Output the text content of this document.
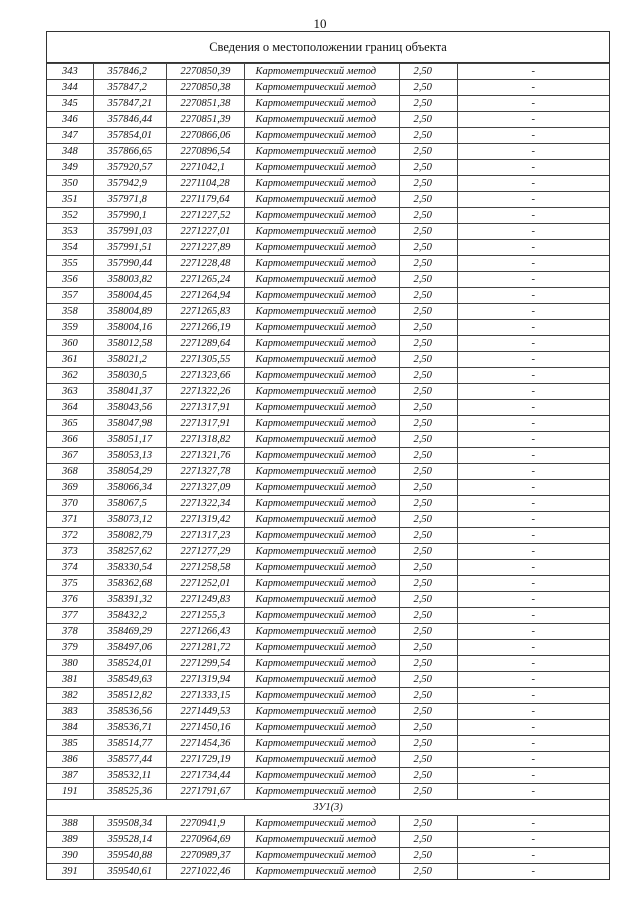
10
Сведения о местоположении границ объекта
343	357846,2	2270850,39	Картометрический метод	2,50	-
344	357847,2	2270850,38	Картометрический метод	2,50	-
345	357847,21	2270851,38	Картометрический метод	2,50	-
346	357846,44	2270851,39	Картометрический метод	2,50	-
347	357854,01	2270866,06	Картометрический метод	2,50	-
348	357866,65	2270896,54	Картометрический метод	2,50	-
349	357920,57	2271042,1	Картометрический метод	2,50	-
350	357942,9	2271104,28	Картометрический метод	2,50	-
351	357971,8	2271179,64	Картометрический метод	2,50	-
352	357990,1	2271227,52	Картометрический метод	2,50	-
353	357991,03	2271227,01	Картометрический метод	2,50	-
354	357991,51	2271227,89	Картометрический метод	2,50	-
355	357990,44	2271228,48	Картометрический метод	2,50	-
356	358003,82	2271265,24	Картометрический метод	2,50	-
357	358004,45	2271264,94	Картометрический метод	2,50	-
358	358004,89	2271265,83	Картометрический метод	2,50	-
359	358004,16	2271266,19	Картометрический метод	2,50	-
360	358012,58	2271289,64	Картометрический метод	2,50	-
361	358021,2	2271305,55	Картометрический метод	2,50	-
362	358030,5	2271323,66	Картометрический метод	2,50	-
363	358041,37	2271322,26	Картометрический метод	2,50	-
364	358043,56	2271317,91	Картометрический метод	2,50	-
365	358047,98	2271317,91	Картометрический метод	2,50	-
366	358051,17	2271318,82	Картометрический метод	2,50	-
367	358053,13	2271321,76	Картометрический метод	2,50	-
368	358054,29	2271327,78	Картометрический метод	2,50	-
369	358066,34	2271327,09	Картометрический метод	2,50	-
370	358067,5	2271322,34	Картометрический метод	2,50	-
371	358073,12	2271319,42	Картометрический метод	2,50	-
372	358082,79	2271317,23	Картометрический метод	2,50	-
373	358257,62	2271277,29	Картометрический метод	2,50	-
374	358330,54	2271258,58	Картометрический метод	2,50	-
375	358362,68	2271252,01	Картометрический метод	2,50	-
376	358391,32	2271249,83	Картометрический метод	2,50	-
377	358432,2	2271255,3	Картометрический метод	2,50	-
378	358469,29	2271266,43	Картометрический метод	2,50	-
379	358497,06	2271281,72	Картометрический метод	2,50	-
380	358524,01	2271299,54	Картометрический метод	2,50	-
381	358549,63	2271319,94	Картометрический метод	2,50	-
382	358512,82	2271333,15	Картометрический метод	2,50	-
383	358536,56	2271449,53	Картометрический метод	2,50	-
384	358536,71	2271450,16	Картометрический метод	2,50	-
385	358514,77	2271454,36	Картометрический метод	2,50	-
386	358577,44	2271729,19	Картометрический метод	2,50	-
387	358532,11	2271734,44	Картометрический метод	2,50	-
191	358525,36	2271791,67	Картометрический метод	2,50	-
ЗУ1(3)					
388	359508,34	2270941,9	Картометрический метод	2,50	-
389	359528,14	2270964,69	Картометрический метод	2,50	-
390	359540,88	2270989,37	Картометрический метод	2,50	-
391	359540,61	2271022,46	Картометрический метод	2,50	-
